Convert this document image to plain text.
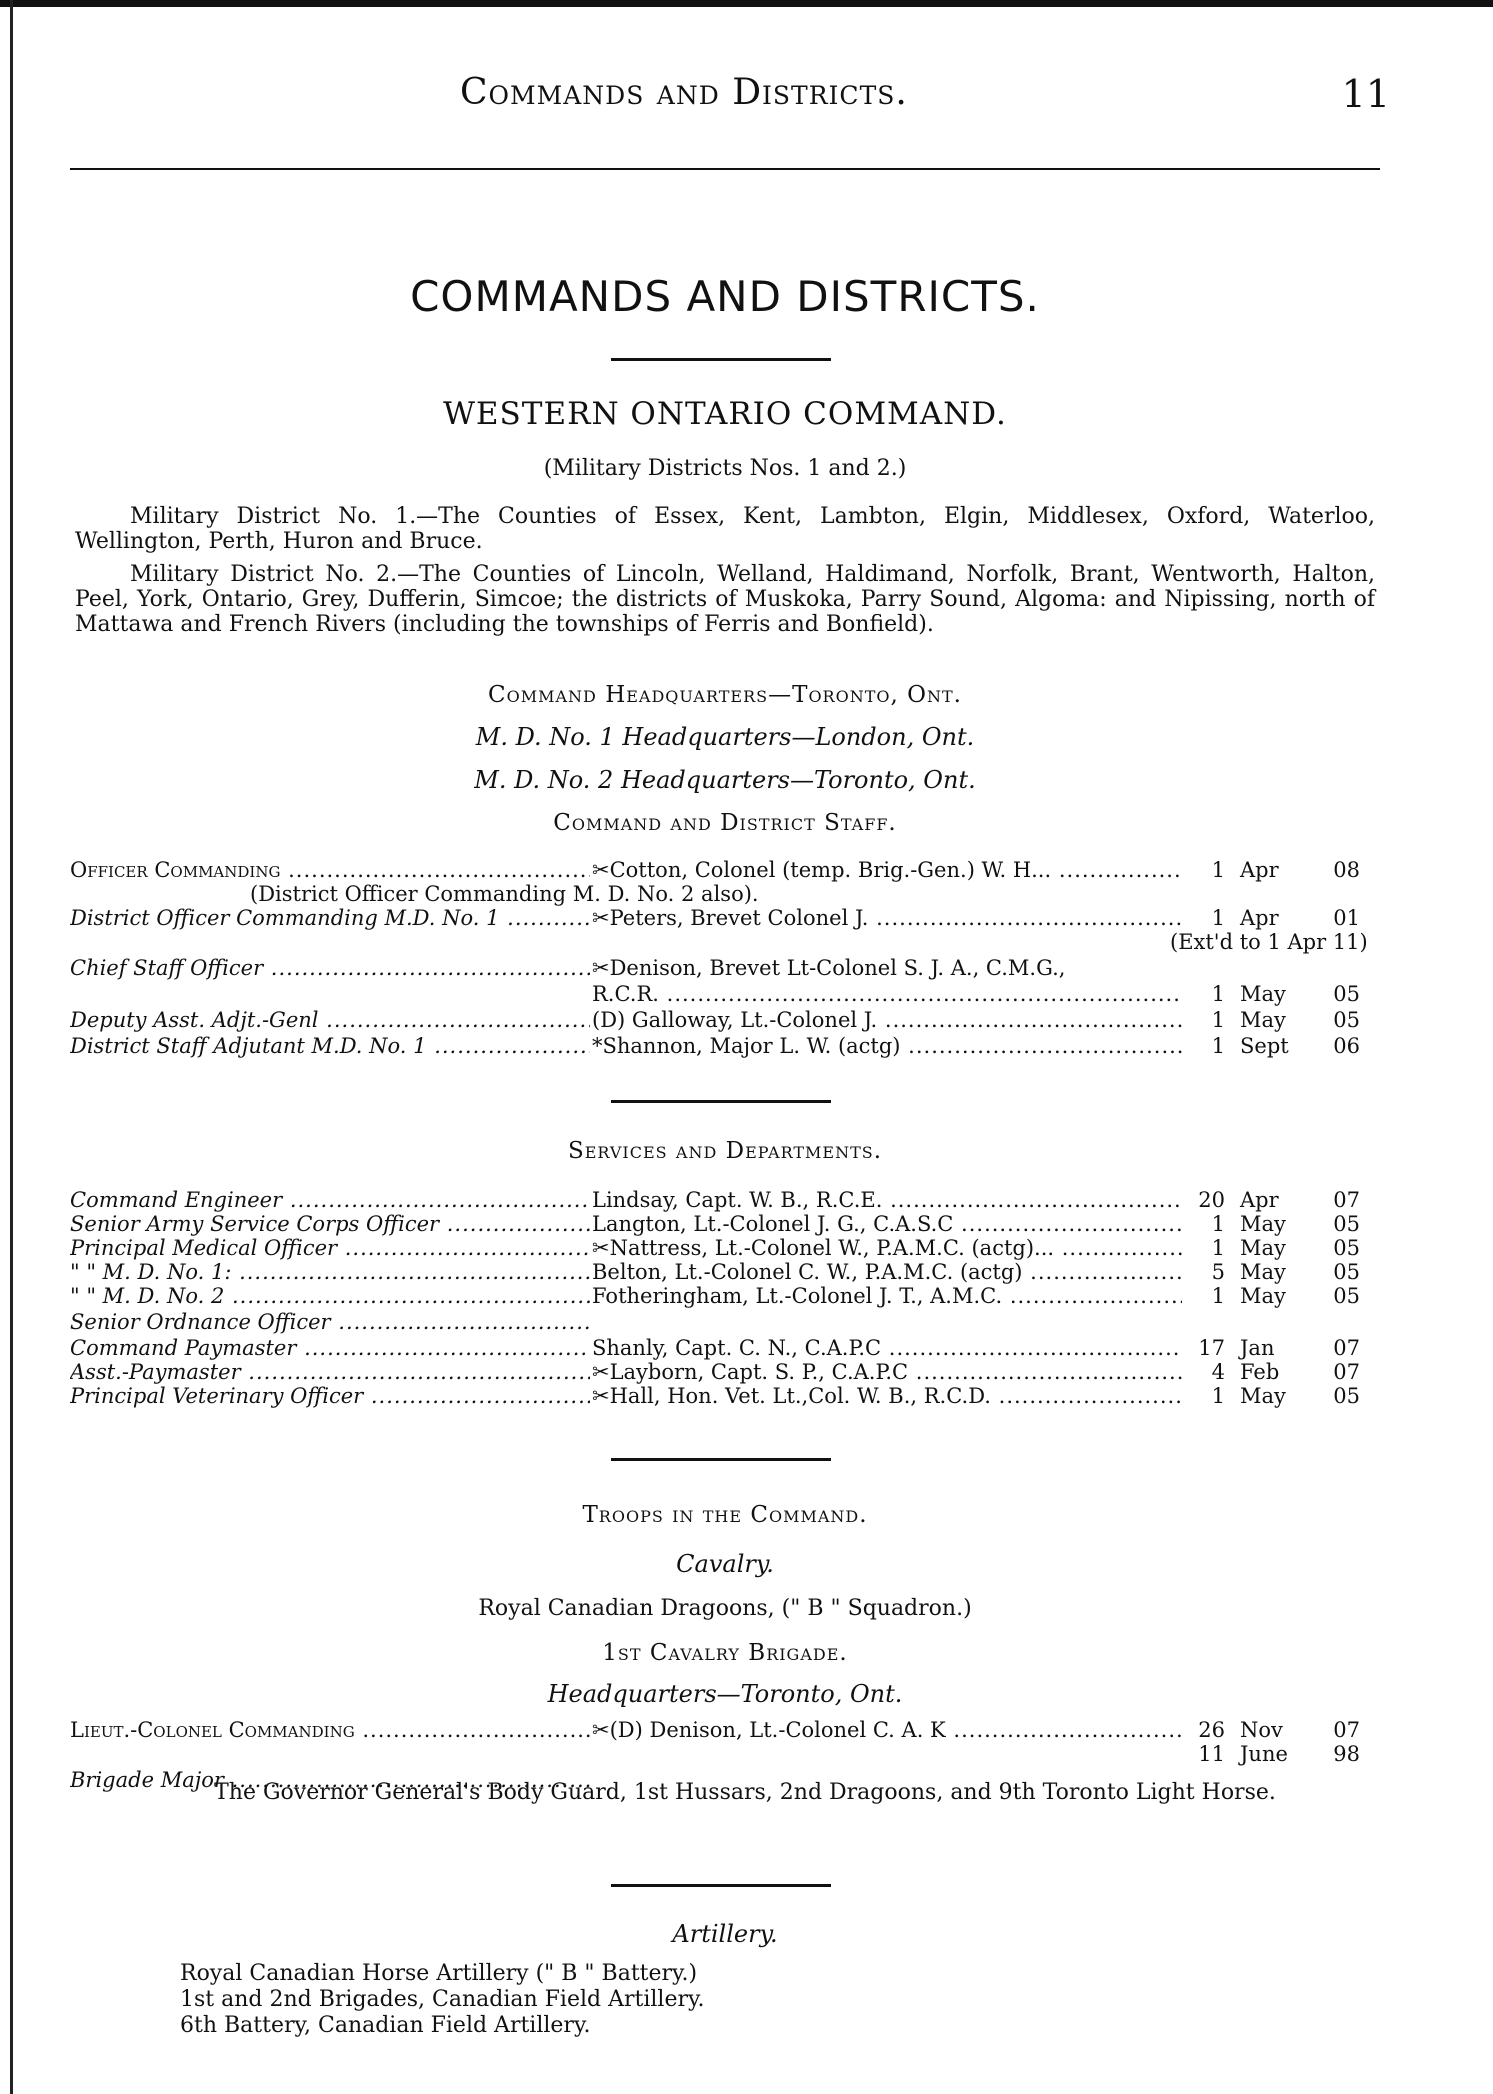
Commands and Districts.	11
COMMANDS AND DISTRICTS.
WESTERN ONTARIO COMMAND.
(Military Districts Nos. 1 and 2.)
Military District No. 1.—The Counties of Essex, Kent, Lambton, Elgin, Middlesex, Oxford, Waterloo, Wellington, Perth, Huron and Bruce.
Military District No. 2.—The Counties of Lincoln, Welland, Haldimand, Norfolk, Brant, Wentworth, Halton, Peel, York, Ontario, Grey, Dufferin, Simcoe; the districts of Muskoka, Parry Sound, Algoma: and Nipissing, north of Mattawa and French Rivers (including the townships of Ferris and Bonfield).
Command Headquarters—Toronto, Ont.
M. D. No. 1 Headquarters—London, Ont.
M. D. No. 2 Headquarters—Toronto, Ont.
Command and District Staff.
Officer Commanding .....	✂Cotton, Colonel (temp. Brig.-Gen.) W. H... .....	1 Apr	08
District Officer Commanding M.D. No. 1 .....	✂Peters, Brevet Colonel J. .....	1 Apr	01
Chief Staff Officer .....	✂Denison, Brevet Lt-Colonel S. J. A., C.M.G.,
R.C.R. .....	1 May	05
Deputy Asst. Adjt.-Genl .....	(D) Galloway, Lt.-Colonel J. .....	1 May	05
District Staff Adjutant M.D. No. 1 .....	*Shannon, Major L. W. (actg) .....	1 Sept	06
(District Officer Commanding M. D. No. 2 also).
(Ext'd to 1 Apr 11)
Services and Departments.
Command Engineer .....	Lindsay, Capt. W. B., R.C.E. .....	20 Apr	07
Senior Army Service Corps Officer .....	Langton, Lt.-Colonel J. G., C.A.S.C .....	1 May	05
Principal Medical Officer .....	✂Nattress, Lt.-Colonel W., P.A.M.C. (actg)... .....	1 May	05
" " M. D. No. 1: .....	Belton, Lt.-Colonel C. W., P.A.M.C. (actg) .....	5 May	05
" " M. D. No. 2 .....	Fotheringham, Lt.-Colonel J. T., A.M.C. .....	1 May	05
Senior Ordnance Officer .....
Command Paymaster .....	Shanly, Capt. C. N., C.A.P.C .....	17 Jan	07
Asst.-Paymaster .....	✂Layborn, Capt. S. P., C.A.P.C .....	4 Feb	07
Principal Veterinary Officer .....	✂Hall, Hon. Vet. Lt.,Col. W. B., R.C.D. .....	1 May	05
Troops in the Command.
Cavalry.
Royal Canadian Dragoons, (" B " Squadron.)
1st Cavalry Brigade.
Headquarters—Toronto, Ont.
Lieut.-Colonel Commanding .....	✂(D) Denison, Lt.-Colonel C. A. K .....	26 Nov	07
11 June	98
Brigade Major .....
The Governor General's Body Guard, 1st Hussars, 2nd Dragoons, and 9th Toronto Light Horse.
Artillery.
Royal Canadian Horse Artillery (" B " Battery.)
1st and 2nd Brigades, Canadian Field Artillery.
6th Battery, Canadian Field Artillery.
